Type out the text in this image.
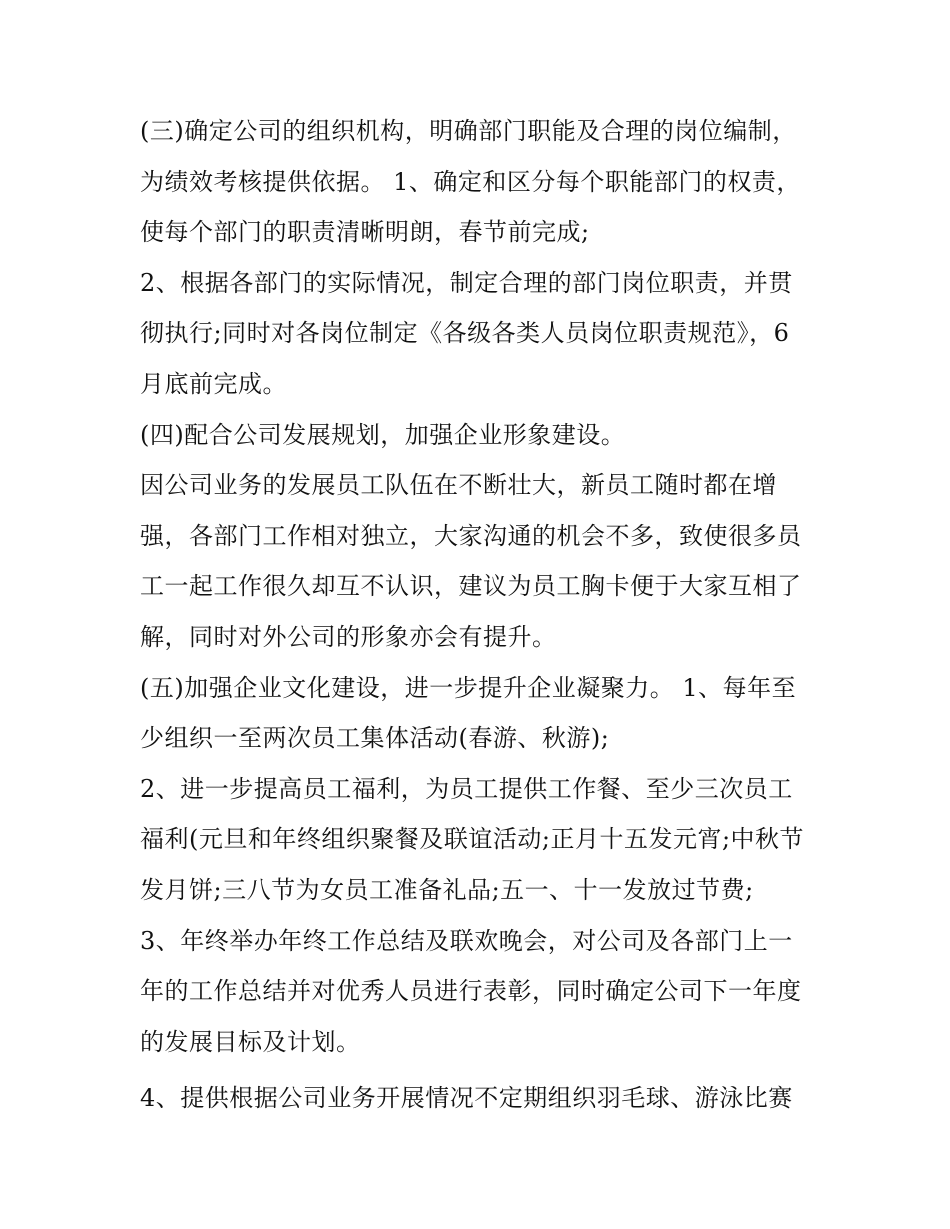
(三)确定公司的组织机构，明确部门职能及合理的岗位编制，
为绩效考核提供依据。 1、确定和区分每个职能部门的权责，
使每个部门的职责清晰明朗，春节前完成;
2、根据各部门的实际情况，制定合理的部门岗位职责，并贯
彻执行;同时对各岗位制定《各级各类人员岗位职责规范》，6
月底前完成。
(四)配合公司发展规划，加强企业形象建设。
因公司业务的发展员工队伍在不断壮大，新员工随时都在增
强，各部门工作相对独立，大家沟通的机会不多，致使很多员
工一起工作很久却互不认识，建议为员工胸卡便于大家互相了
解，同时对外公司的形象亦会有提升。
(五)加强企业文化建设，进一步提升企业凝聚力。 1、每年至
少组织一至两次员工集体活动(春游、秋游);
2、进一步提高员工福利，为员工提供工作餐、至少三次员工
福利(元旦和年终组织聚餐及联谊活动;正月十五发元宵;中秋节
发月饼;三八节为女员工准备礼品;五一、十一发放过节费;
3、年终举办年终工作总结及联欢晚会，对公司及各部门上一
年的工作总结并对优秀人员进行表彰，同时确定公司下一年度
的发展目标及计划。
4、提供根据公司业务开展情况不定期组织羽毛球、游泳比赛
